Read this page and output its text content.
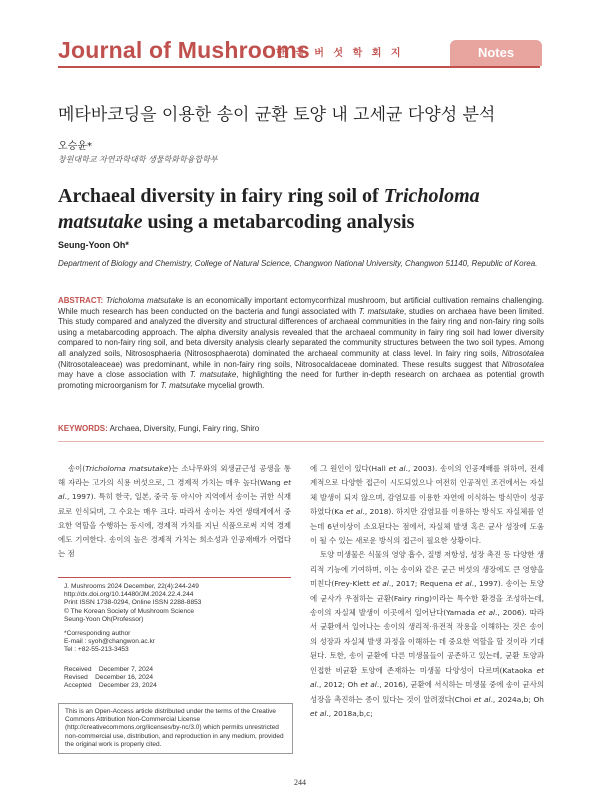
Journal of Mushrooms
한 국 버 섯 학 회 지	Notes
메타바코딩을 이용한 송이 균환 토양 내 고세균 다양성 분석
오승윤*
창원대학교 자연과학대학 생물학화학융합학부
Archaeal diversity in fairy ring soil of Tricholoma matsutake using a metabarcoding analysis
Seung-Yoon Oh*
Department of Biology and Chemistry, College of Natural Science, Changwon National University, Changwon 51140, Republic of Korea.
ABSTRACT: Tricholoma matsutake is an economically important ectomycorrhizal mushroom, but artificial cultivation remains challenging. While much research has been conducted on the bacteria and fungi associated with T. matsutake, studies on archaea have been limited. This study compared and analyzed the diversity and structural differences of archaeal communities in the fairy ring and non-fairy ring soils using a metabarcoding approach. The alpha diversity analysis revealed that the archaeal community in fairy ring soil had lower diversity compared to non-fairy ring soil, and beta diversity analysis clearly separated the community structures between the two soil types. Among all analyzed soils, Nitrososphaeria (Nitrososphaerota) dominated the archaeal community at class level. In fairy ring soils, Nitrosotalea (Nitrosotaleaceae) was predominant, while in non-fairy ring soils, Nitrosocaldaceae dominated. These results suggest that Nitrosotalea may have a close association with T. matsutake, highlighting the need for further in-depth research on archaea as potential growth promoting microorganism for T. matsutake mycelial growth.
KEYWORDS: Archaea, Diversity, Fungi, Fairy ring, Shiro

송이(Tricholoma matsutake)는 소나무와의 외생균근성 공생을 통해 자라는 고가의 식용 버섯으로, 그 경제적 가치는 매우 높다(Wang et al., 1997). 특히 한국, 일본, 중국 등 아시아 지역에서 송이는 귀한 식재료로 인식되며, 그 수요는 매우 크다. 따라서 송이는 자연 생태계에서 중요한 역할을 수행하는 동시에, 경제적 가치를 지닌 식품으로써 지역 경제에도 기여한다. 송이의 높은 경제적 가치는 희소성과 인공재배가 어렵다는 점

J. Mushrooms 2024 December, 22(4):244-249
http://dx.doi.org/10.14480/JM.2024.22.4.244
Print ISSN 1738-0294, Online ISSN 2288-8853
© The Korean Society of Mushroom Science
Seung-Yoon Oh(Professor)
*Corresponding author
E-mail : syoh@changwon.ac.kr
Tel : +82-55-213-3453
Received    December 7, 2024
Revised    December 16, 2024
Accepted    December 23, 2024
This is an Open-Access article distributed under the terms of the Creative Commons Attribution Non-Commercial License (http://creativecommons.org/licenses/by-nc/3.0) which permits unrestricted non-commercial use, distribution, and reproduction in any medium, provided the original work is properly cited.

에 그 원인이 있다(Hall et al., 2003). 송이의 인공재배를 위하여, 전세계적으로 다양한 접근이 시도되었으나 여전히 인공적인 조건에서는 자실체 발생이 되지 않으며, 감염묘를 이용한 자연에 이식하는 방식만이 성공하였다(Ka et al., 2018). 하지만 감염묘를 이용하는 방식도 자실체를 얻는데 6년이상이 소요된다는 점에서, 자실체 발생 혹은 균사 성장에 도움이 될 수 있는 새로운 방식의 접근이 필요한 상황이다.

토양 미생물은 식물의 영양 흡수, 질병 저항성, 성장 촉진 등 다양한 생리적 기능에 기여하며, 이는 송이와 같은 균근 버섯의 생장에도 큰 영향을 미친다(Frey-Klett et al., 2017; Requena et al., 1997). 송이는 토양에 균사가 우점하는 균환(Fairy ring)이라는 특수한 환경을 조성하는데, 송이의 자실체 발생이 이곳에서 일어난다(Yamada et al., 2006). 따라서 균환에서 일어나는 송이의 생리적·유전적 작용을 이해하는 것은 송이의 성장과 자실체 발생 과정을 이해하는 데 중요한 역할을 할 것이라 기대된다. 토한, 송이 균환에 다른 미생물들이 공존하고 있는데, 균환 토양과 인접한 비균환 토양에 존재하는 미생물 다양성이 다르며(Kataoka et al., 2012; Oh et al., 2016), 균환에 서식하는 미생물 중에 송이 균사의 성장을 촉진하는 종이 있다는 것이 알려졌다(Choi et al., 2024a,b; Oh et al., 2018a,b,c;

244
